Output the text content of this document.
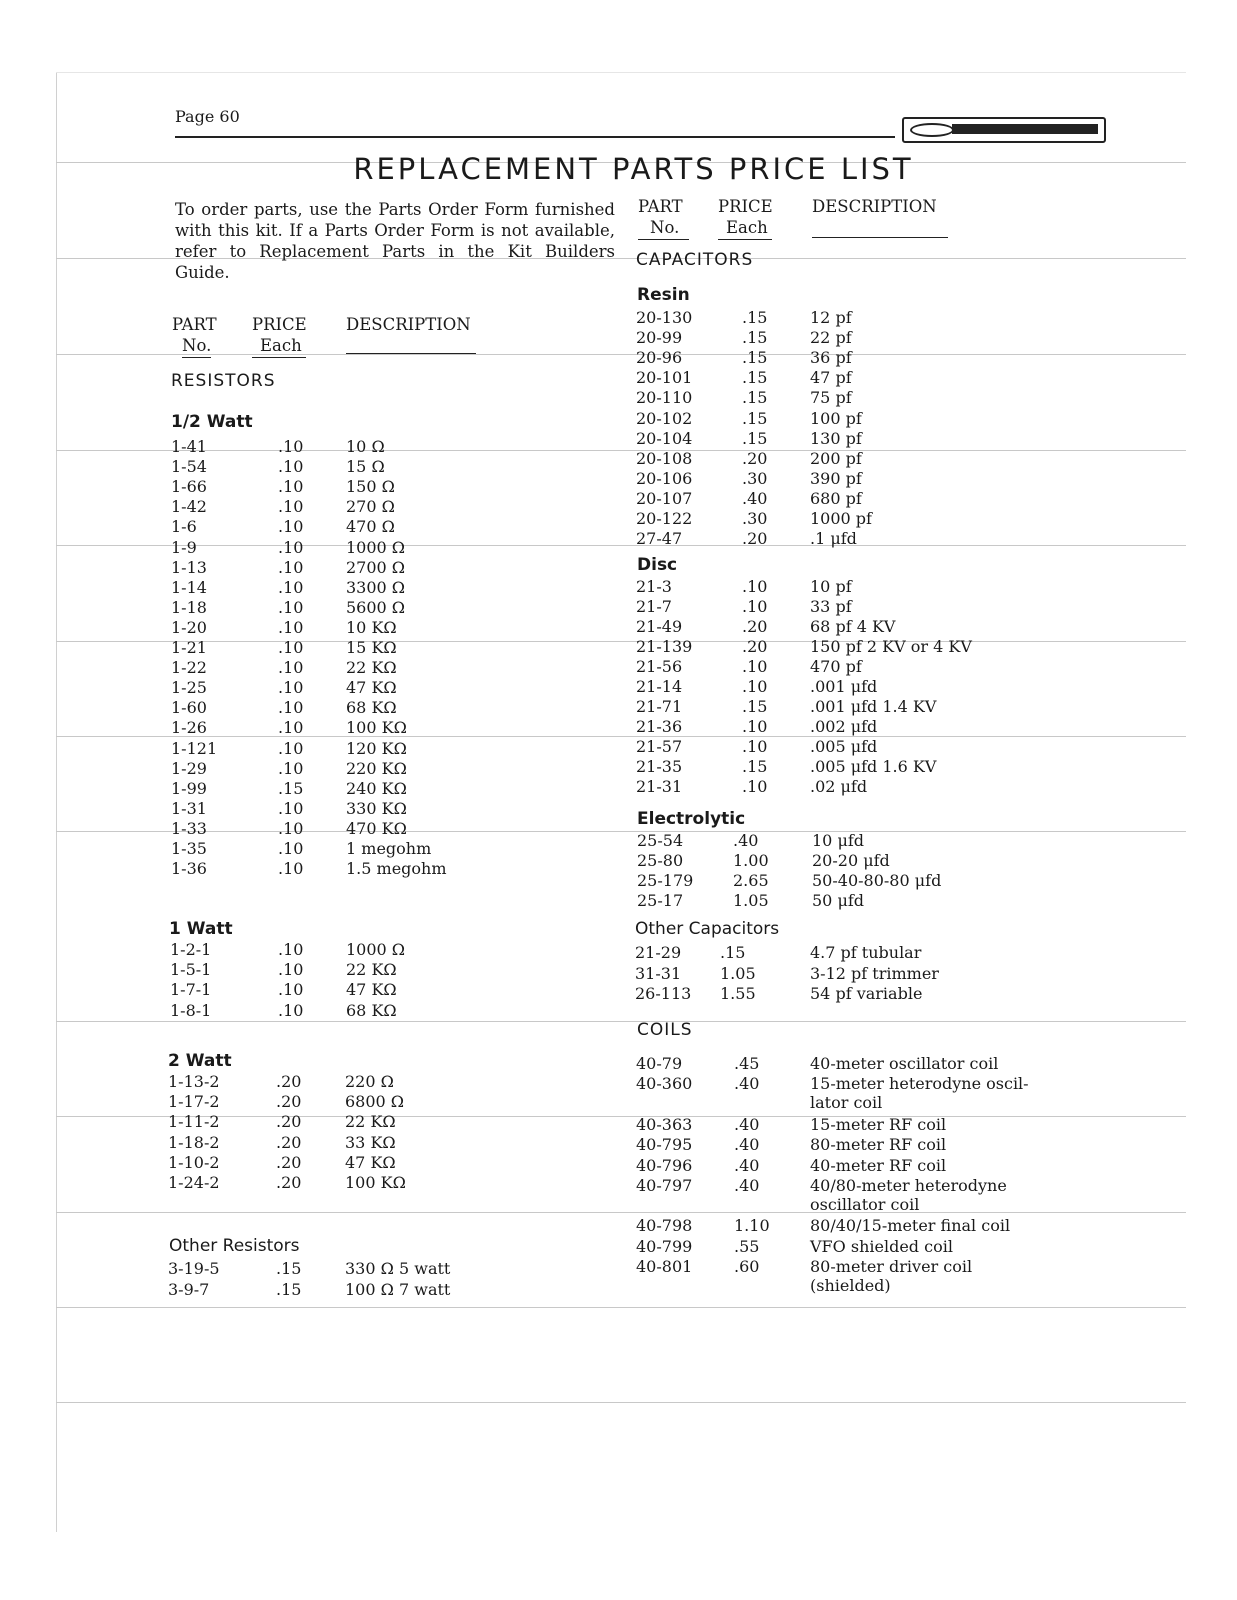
Page 60
REPLACEMENT PARTS PRICE LIST
To order parts, use the Parts Order Form furnished with this kit. If a Parts Order Form is not available, refer to Replacement Parts in the Kit Builders Guide.
PART
No.
PRICE
Each
DESCRIPTION
PART
No.
PRICE
Each
DESCRIPTION
RESISTORS
1/2 Watt
1-41	.10	10 Ω
1-54	.10	15 Ω
1-66	.10	150 Ω
1-42	.10	270 Ω
1-6	.10	470 Ω
1-9	.10	1000 Ω
1-13	.10	2700 Ω
1-14	.10	3300 Ω
1-18	.10	5600 Ω
1-20	.10	10 KΩ
1-21	.10	15 KΩ
1-22	.10	22 KΩ
1-25	.10	47 KΩ
1-60	.10	68 KΩ
1-26	.10	100 KΩ
1-121	.10	120 KΩ
1-29	.10	220 KΩ
1-99	.15	240 KΩ
1-31	.10	330 KΩ
1-33	.10	470 KΩ
1-35	.10	1 megohm
1-36	.10	1.5 megohm
1 Watt
1-2-1	.10	1000 Ω
1-5-1	.10	22 KΩ
1-7-1	.10	47 KΩ
1-8-1	.10	68 KΩ
2 Watt
1-13-2	.20	220 Ω
1-17-2	.20	6800 Ω
1-11-2	.20	22 KΩ
1-18-2	.20	33 KΩ
1-10-2	.20	47 KΩ
1-24-2	.20	100 KΩ
Other Resistors
3-19-5	.15	330 Ω 5 watt
3-9-7	.15	100 Ω 7 watt
CAPACITORS
Resin
20-130	.15	12 pf
20-99	.15	22 pf
20-96	.15	36 pf
20-101	.15	47 pf
20-110	.15	75 pf
20-102	.15	100 pf
20-104	.15	130 pf
20-108	.20	200 pf
20-106	.30	390 pf
20-107	.40	680 pf
20-122	.30	1000 pf
27-47	.20	.1 μfd
Disc
21-3	.10	10 pf
21-7	.10	33 pf
21-49	.20	68 pf 4 KV
21-139	.20	150 pf 2 KV or 4 KV
21-56	.10	470 pf
21-14	.10	.001 μfd
21-71	.15	.001 μfd 1.4 KV
21-36	.10	.002 μfd
21-57	.10	.005 μfd
21-35	.15	.005 μfd 1.6 KV
21-31	.10	.02 μfd
Electrolytic
25-54	.40	10 μfd
25-80	1.00	20-20 μfd
25-179 2.65	50-40-80-80 μfd
25-17	1.05	50 μfd
Other Capacitors
21-29 .15	4.7 pf tubular
31-31 1.05	3-12 pf trimmer
26-113 1.55	54 pf variable
COILS
40-79	.45	40-meter oscillator coil
40-360	.40	15-meter heterodyne oscil-
lator coil
40-363	.40	15-meter RF coil
40-795	.40	80-meter RF coil
40-796	.40	40-meter RF coil
40-797	.40	40/80-meter heterodyne
oscillator coil
40-798	1.10	80/40/15-meter final coil
40-799	.55	VFO shielded coil
40-801	.60	80-meter driver coil
(shielded)
